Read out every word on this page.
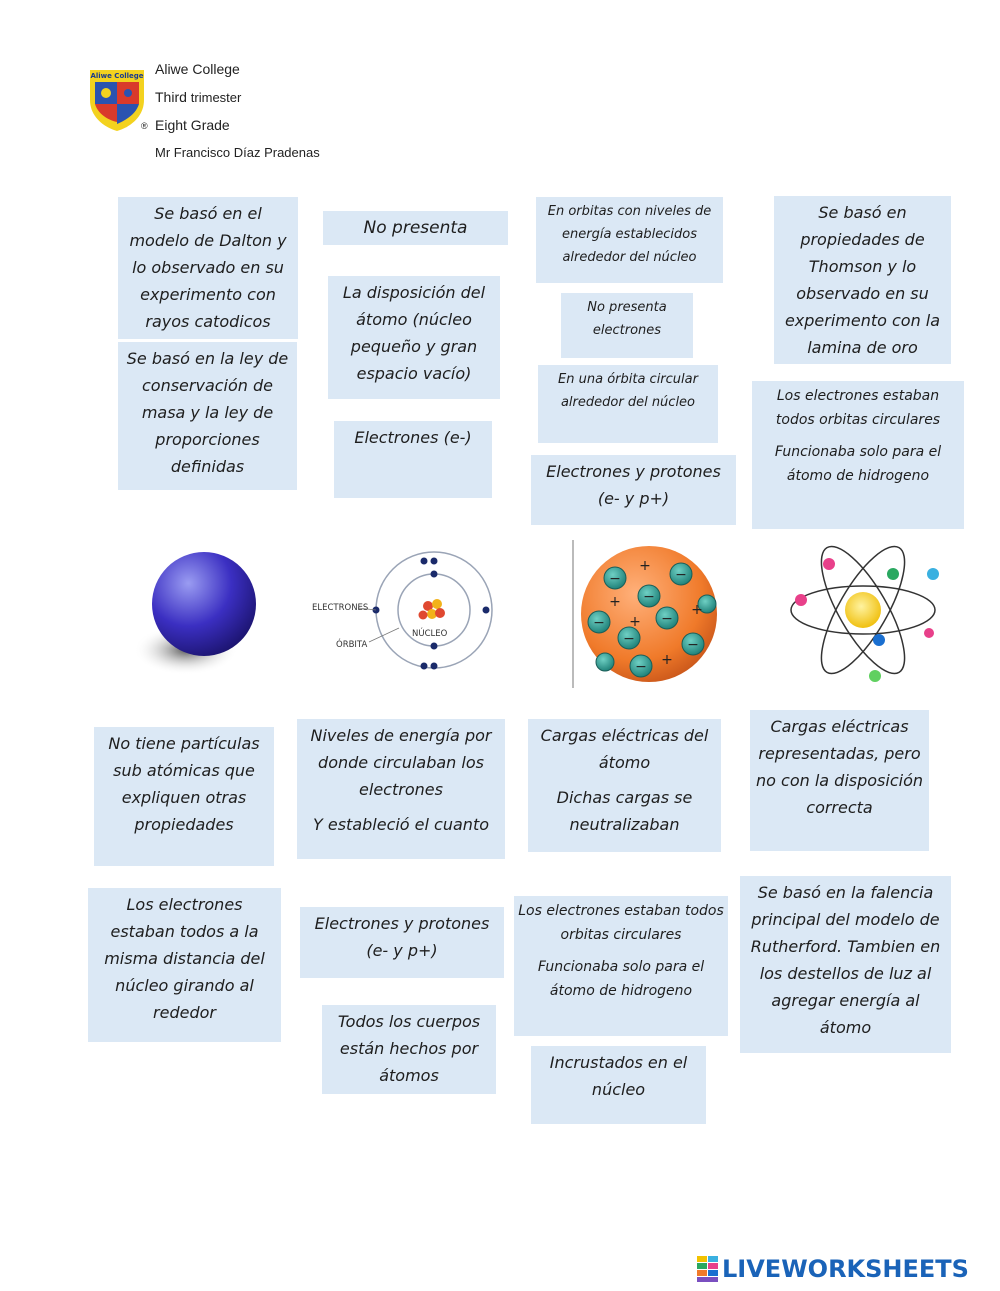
Aliwe College Aliwe College
Third trimester
Eight Grade
Mr Francisco Díaz Pradenas
®

Se basó en el modelo de Dalton y lo observado en su experimento con rayos catodicos

No presenta

En orbitas con niveles de energía establecidos alrededor del núcleo

Se basó en propiedades de Thomson y lo observado en su experimento con la lamina de oro

Se basó en la ley de conservación de masa y la ley de proporciones definidas

La disposición del átomo (núcleo pequeño y gran espacio vacío)

No presenta electrones

En una órbita circular alrededor del núcleo	Los electrones estaban todos orbitas circulares

Funcionaba solo para el átomo de hidrogeno

Electrones (e-)

Electrones y protones (e- y p+)

ELECTRONES
ÓRBITA
NÚCLEO
−	−
−
−	−
−	−
−
+
+
+
+
+

No tiene partículas sub atómicas que expliquen otras propiedades

Niveles de energía por donde circulaban los electrones

Y estableció el cuanto

Cargas eléctricas del átomo

Dichas cargas se neutralizaban

Cargas eléctricas representadas, pero no con la disposición correcta

Los electrones estaban todos a la misma distancia del núcleo girando al rededor

Electrones y protones (e- y p+)

Los electrones estaban todos orbitas circulares

Funcionaba solo para el átomo de hidrogeno

Se basó en la falencia principal del modelo de Rutherford. Tambien en los destellos de luz al agregar energía al átomo

Todos los cuerpos están hechos por átomos

Incrustados en el núcleo

LIVEWORKSHEETS
